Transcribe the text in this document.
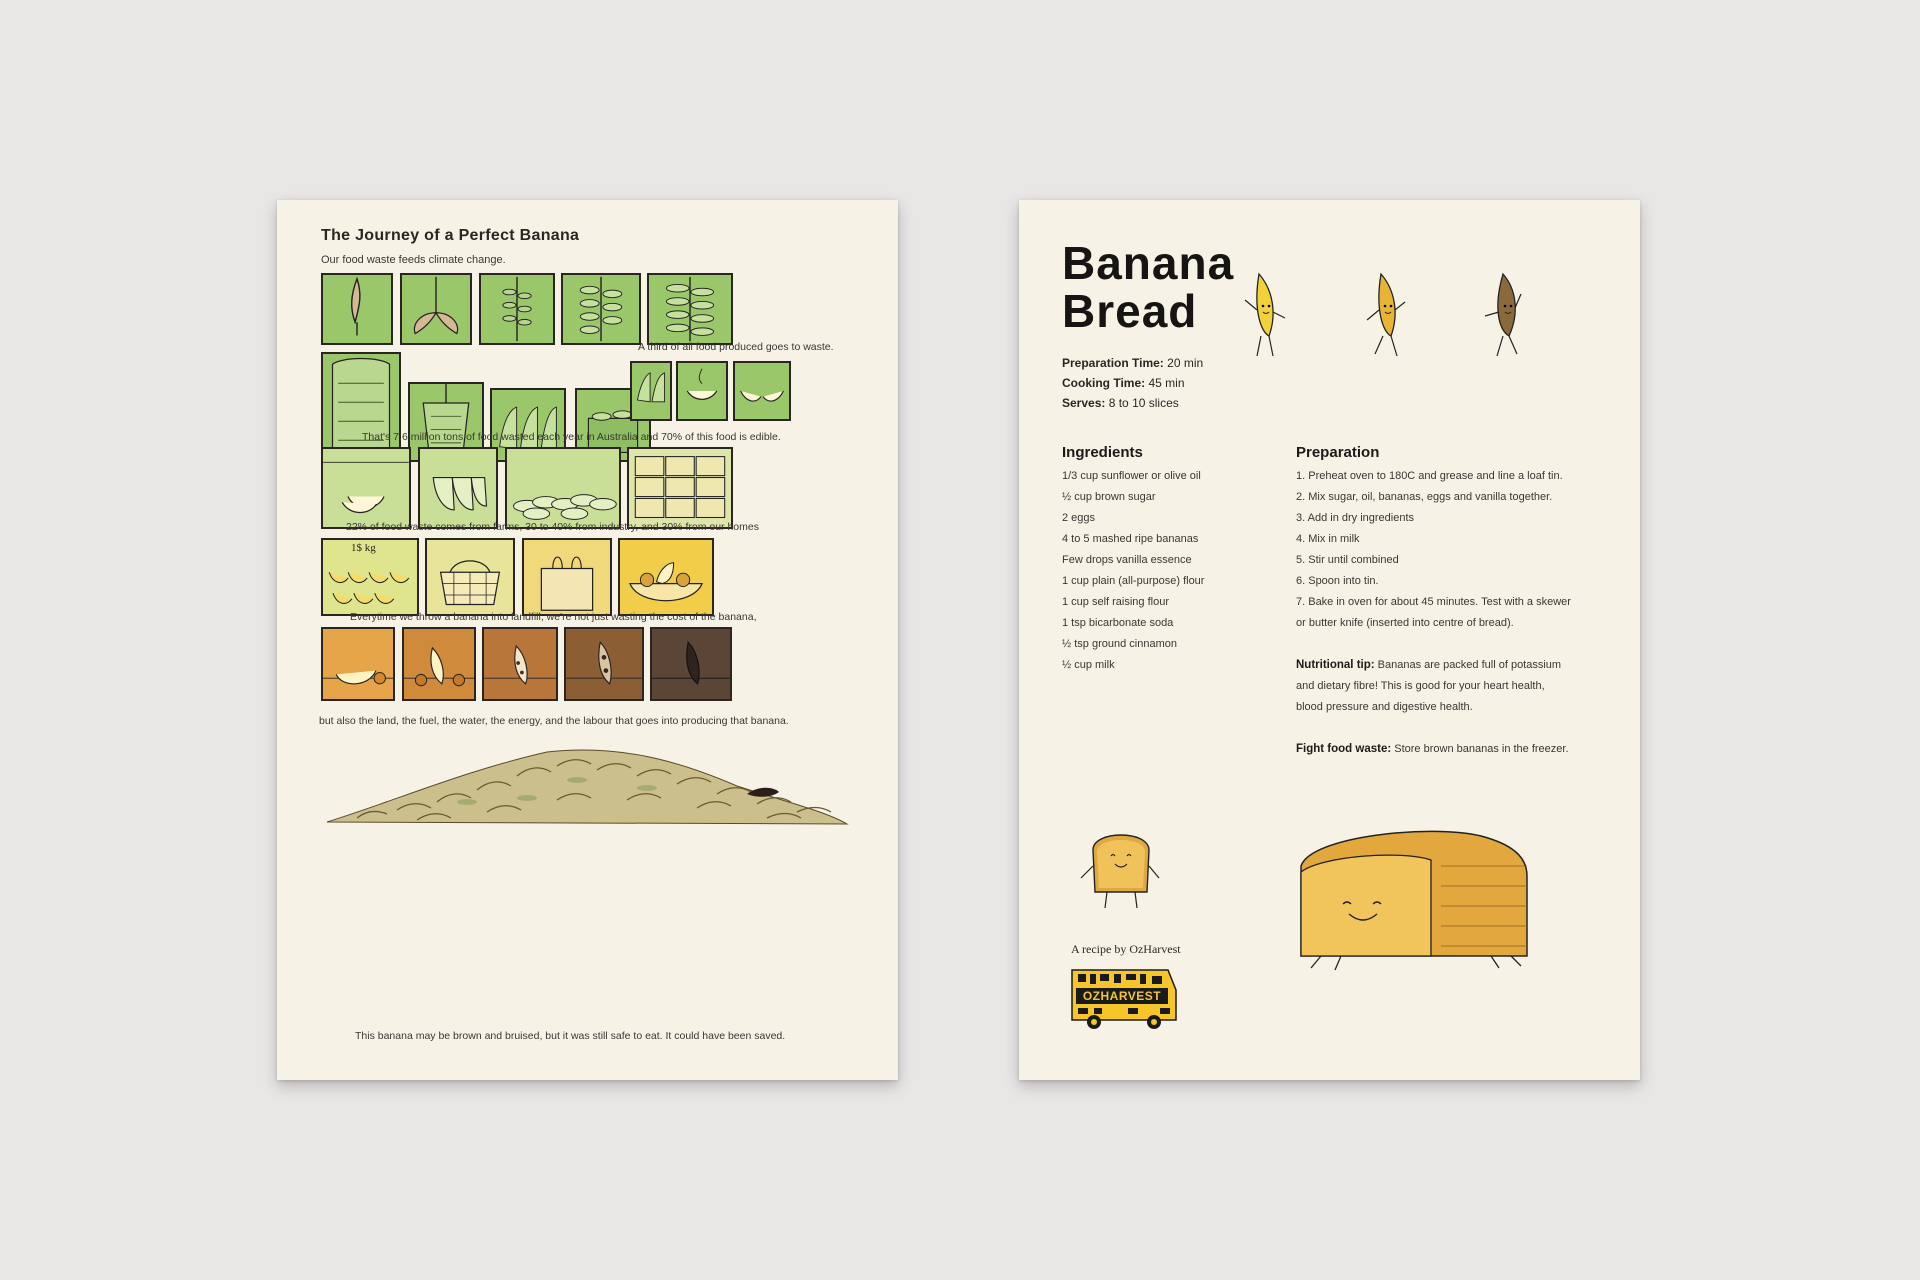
The Journey of a Perfect Banana
Our food waste feeds climate change.
A third of all food produced goes to waste.
That's 7.6 million tons of food wasted each year in Australia and 70% of this food is edible.
22% of food waste comes from farms, 30 to 40% from industry, and 30% from our homes
1$ kg
Everytime we throw a banana into landfill, we're not just wasting the cost of the banana,
but also the land, the fuel, the water, the energy, and the labour that goes into producing that banana.
This banana may be brown and bruised, but it was still safe to eat. It could have been saved.
Banana
Bread
Preparation Time: 20 min
Cooking Time: 45 min
Serves: 8 to 10 slices
Ingredients
1/3 cup sunflower or olive oil
½ cup brown sugar
2 eggs
4 to 5 mashed ripe bananas
Few drops vanilla essence
1 cup plain (all-purpose) flour
1 cup self raising flour
1 tsp bicarbonate soda
½ tsp ground cinnamon
½ cup milk
Preparation
1. Preheat oven to 180C and grease and line a loaf tin.
2. Mix sugar, oil, bananas, eggs and vanilla together.
3. Add in dry ingredients
4. Mix in milk
5. Stir until combined
6. Spoon into tin.
7. Bake in oven for about 45 minutes. Test with a skewer
or butter knife (inserted into centre of bread).
Nutritional tip: Bananas are packed full of potassium
and dietary fibre! This is good for your heart health,
blood pressure and digestive health.
Fight food waste: Store brown bananas in the freezer.
A recipe by OzHarvest
OZHARVEST
